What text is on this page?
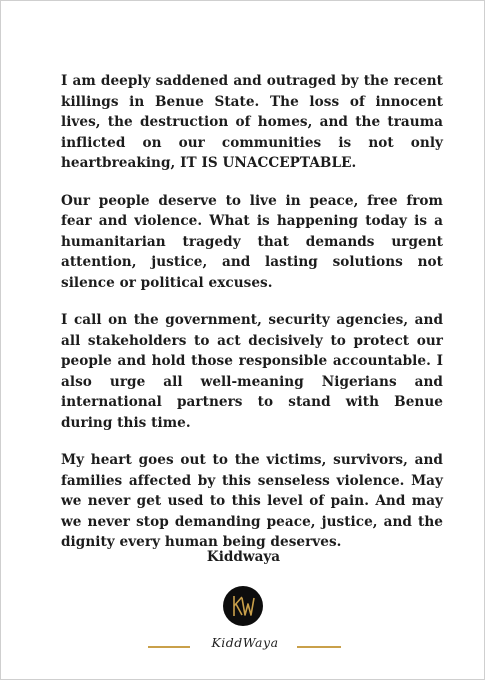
I am deeply saddened and outraged by the recent killings in Benue State. The loss of innocent lives, the destruction of homes, and the trauma inflicted on our communities is not only heartbreaking, IT IS UNACCEPTABLE.

Our people deserve to live in peace, free from fear and violence. What is happening today is a humanitarian tragedy that demands urgent attention, justice, and lasting solutions not silence or political excuses.

I call on the government, security agencies, and all stakeholders to act decisively to protect our people and hold those responsible accountable. I also urge all well-meaning Nigerians and international partners to stand with Benue during this time.

My heart goes out to the victims, survivors, and families affected by this senseless violence. May we never get used to this level of pain. And may we never stop demanding peace, justice, and the dignity every human being deserves.

Kiddwaya
KiddWaya
